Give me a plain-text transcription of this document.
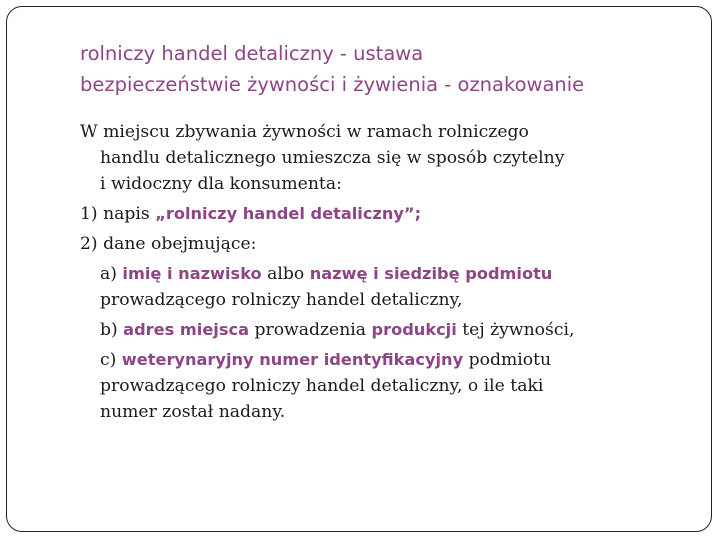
rolniczy handel detaliczny - ustawa
bezpieczeństwie żywności i żywienia - oznakowanie
W miejscu zbywania żywności w ramach rolniczego
handlu detalicznego umieszcza się w sposób czytelny
i widoczny dla konsumenta:
1) napis „rolniczy handel detaliczny”;
2) dane obejmujące:
a) imię i nazwisko albo nazwę i siedzibę podmiotu
prowadzącego rolniczy handel detaliczny,
b) adres miejsca prowadzenia produkcji tej żywności,
c) weterynaryjny numer identyfikacyjny podmiotu
prowadzącego rolniczy handel detaliczny, o ile taki
numer został nadany.
